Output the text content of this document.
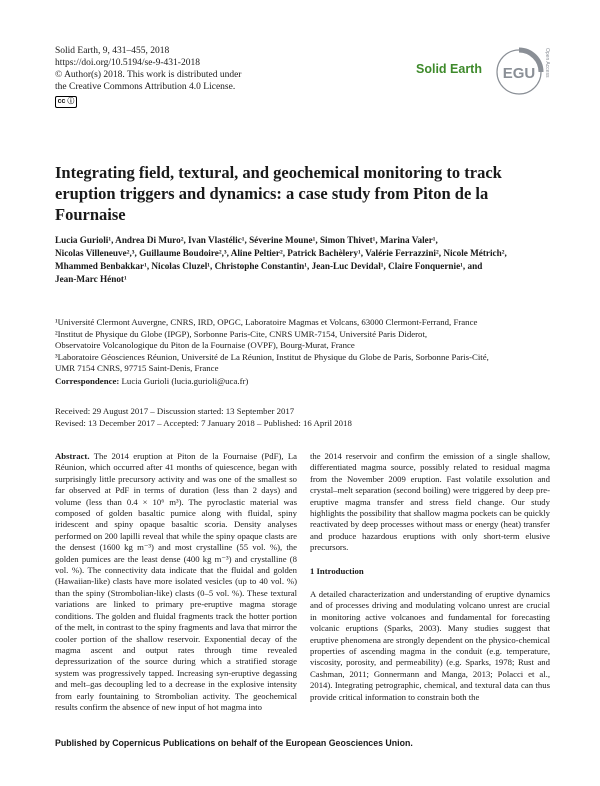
Solid Earth, 9, 431–455, 2018
https://doi.org/10.5194/se-9-431-2018
© Author(s) 2018. This work is distributed under
the Creative Commons Attribution 4.0 License.
cc ⓘ
Solid Earth EGU Open Access
Integrating field, textural, and geochemical monitoring to track eruption triggers and dynamics: a case study from Piton de la Fournaise
Lucia Gurioli¹, Andrea Di Muro², Ivan Vlastélic¹, Séverine Moune¹, Simon Thivet¹, Marina Valer¹,
Nicolas Villeneuve²,³, Guillaume Boudoire²,³, Aline Peltier², Patrick Bachèlery¹, Valérie Ferrazzini², Nicole Métrich²,
Mhammed Benbakkar¹, Nicolas Cluzel¹, Christophe Constantin¹, Jean-Luc Devidal¹, Claire Fonquernie¹, and
Jean-Marc Hénot¹
¹Université Clermont Auvergne, CNRS, IRD, OPGC, Laboratoire Magmas et Volcans, 63000 Clermont-Ferrand, France
²Institut de Physique du Globe (IPGP), Sorbonne Paris-Cite, CNRS UMR-7154, Université Paris Diderot,
Observatoire Volcanologique du Piton de la Fournaise (OVPF), Bourg-Murat, France
³Laboratoire Géosciences Réunion, Université de La Réunion, Institut de Physique du Globe de Paris, Sorbonne Paris-Cité,
UMR 7154 CNRS, 97715 Saint-Denis, France
Correspondence: Lucia Gurioli (lucia.gurioli@uca.fr)
Received: 29 August 2017 – Discussion started: 13 September 2017
Revised: 13 December 2017 – Accepted: 7 January 2018 – Published: 16 April 2018
Abstract. The 2014 eruption at Piton de la Fournaise (PdF), La Réunion, which occurred after 41 months of quiescence, began with surprisingly little precursory activity and was one of the smallest so far observed at PdF in terms of duration (less than 2 days) and volume (less than 0.4 × 10⁶ m³). The pyroclastic material was composed of golden basaltic pumice along with fluidal, spiny iridescent and spiny opaque basaltic scoria. Density analyses performed on 200 lapilli reveal that while the spiny opaque clasts are the densest (1600 kg m⁻³) and most crystalline (55 vol. %), the golden pumices are the least dense (400 kg m⁻³) and crystalline (8 vol. %). The connectivity data indicate that the fluidal and golden (Hawaiian-like) clasts have more isolated vesicles (up to 40 vol. %) than the spiny (Strombolian-like) clasts (0–5 vol. %). These textural variations are linked to primary pre-eruptive magma storage conditions. The golden and fluidal fragments track the hotter portion of the melt, in contrast to the spiny fragments and lava that mirror the cooler portion of the shallow reservoir. Exponential decay of the magma ascent and output rates through time revealed depressurization of the source during which a stratified storage system was progressively tapped. Increasing syn-eruptive degassing and melt–gas decoupling led to a decrease in the explosive intensity from early fountaining to Strombolian activity. The geochemical results confirm the absence of new input of hot magma into
the 2014 reservoir and confirm the emission of a single shallow, differentiated magma source, possibly related to residual magma from the November 2009 eruption. Fast volatile exsolution and crystal–melt separation (second boiling) were triggered by deep pre-eruptive magma transfer and stress field change. Our study highlights the possibility that shallow magma pockets can be quickly reactivated by deep processes without mass or energy (heat) transfer and produce hazardous eruptions with only short-term elusive precursors.
1 Introduction
A detailed characterization and understanding of eruptive dynamics and of processes driving and modulating volcano unrest are crucial in monitoring active volcanoes and fundamental for forecasting volcanic eruptions (Sparks, 2003). Many studies suggest that eruptive phenomena are strongly dependent on the physico-chemical properties of ascending magma in the conduit (e.g. temperature, viscosity, porosity, and permeability) (e.g. Sparks, 1978; Rust and Cashman, 2011; Gonnermann and Manga, 2013; Polacci et al., 2014). Integrating petrographic, chemical, and textural data can thus provide critical information to constrain both the
Published by Copernicus Publications on behalf of the European Geosciences Union.
